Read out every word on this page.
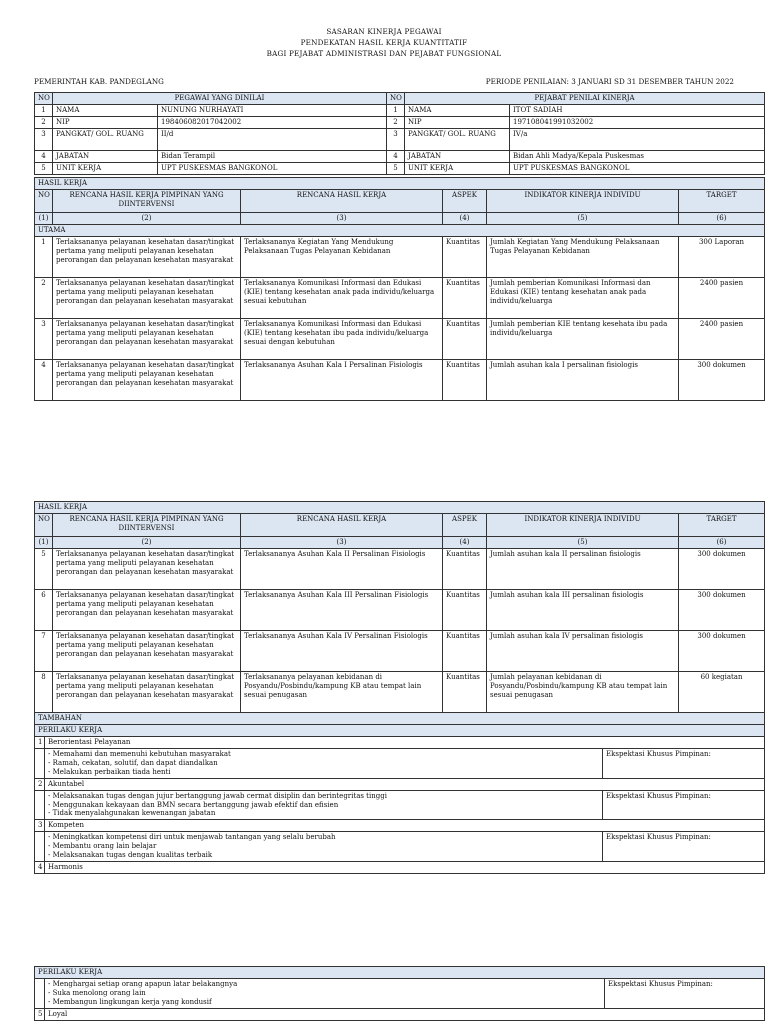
SASARAN KINERJA PEGAWAI
PENDEKATAN HASIL KERJA KUANTITATIF
BAGI PEJABAT ADMINISTRASI DAN PEJABAT FUNGSIONAL
PEMERINTAH KAB. PANDEGLANG	PERIODE PENILAIAN: 3 JANUARI SD 31 DESEMBER TAHUN 2022
NO	PEGAWAI YANG DINILAI		NO	PEJABAT PENILAI KINERJA	
1	NAMA	NUNUNG NURHAYATI	1	NAMA	ITOT SADIAH
2	NIP	198406082017042002	2	NIP	197108041991032002
3	PANGKAT/ GOL. RUANG	II/d	3	PANGKAT/ GOL. RUANG	IV/a
4	JABATAN	Bidan Terampil	4	JABATAN	Bidan Ahli Madya/Kepala Puskesmas
5	UNIT KERJA	UPT PUSKESMAS BANGKONOL	5	UNIT KERJA	UPT PUSKESMAS BANGKONOL
HASIL KERJA					
NO	RENCANA HASIL KERJA PIMPINAN YANG DIINTERVENSI	RENCANA HASIL KERJA	ASPEK	INDIKATOR KINERJA INDIVIDU	TARGET
(1)	(2)	(3)	(4)	(5)	(6)
UTAMA					
1	Terlaksananya pelayanan kesehatan dasar/tingkat pertama yang meliputi pelayanan kesehatan perorangan dan pelayanan kesehatan masyarakat	Terlaksananya Kegiatan Yang Mendukung Pelaksanaan Tugas Pelayanan Kebidanan	Kuantitas	Jumlah Kegiatan Yang Mendukung Pelaksanaan Tugas Pelayanan Kebidanan	300 Laporan
2	Terlaksananya pelayanan kesehatan dasar/tingkat pertama yang meliputi pelayanan kesehatan perorangan dan pelayanan kesehatan masyarakat	Terlaksananya Komunikasi Informasi dan Edukasi (KIE) tentang kesehatan anak pada individu/keluarga sesuai kebutuhan	Kuantitas	Jumlah pemberian Komunikasi Informasi dan Edukasi (KIE) tentang kesehatan anak pada individu/keluarga	2400 pasien
3	Terlaksananya pelayanan kesehatan dasar/tingkat pertama yang meliputi pelayanan kesehatan perorangan dan pelayanan kesehatan masyarakat	Terlaksananya Komunikasi Informasi dan Edukasi (KIE) tentang kesehatan ibu pada individu/keluarga sesuai dengan kebutuhan	Kuantitas	Jumlah pemberian KIE tentang kesehata ibu pada individu/keluarga	2400 pasien
4	Terlaksananya pelayanan kesehatan dasar/tingkat pertama yang meliputi pelayanan kesehatan perorangan dan pelayanan kesehatan masyarakat	Terlaksananya Asuhan Kala I Persalinan Fisiologis	Kuantitas	Jumlah asuhan kala I persalinan fisiologis	300 dokumen
HASIL KERJA							
NO		RENCANA HASIL KERJA PIMPINAN YANG DIINTERVENSI	RENCANA HASIL KERJA	ASPEK	INDIKATOR KINERJA INDIVIDU		TARGET
(1)		(2)	(3)	(4)	(5)		(6)
5		Terlaksananya pelayanan kesehatan dasar/tingkat pertama yang meliputi pelayanan kesehatan perorangan dan pelayanan kesehatan masyarakat	Terlaksananya Asuhan Kala II Persalinan Fisiologis	Kuantitas	Jumlah asuhan kala II persalinan fisiologis		300 dokumen
6		Terlaksananya pelayanan kesehatan dasar/tingkat pertama yang meliputi pelayanan kesehatan perorangan dan pelayanan kesehatan masyarakat	Terlaksananya Asuhan Kala III Persalinan Fisiologis	Kuantitas	Jumlah asuhan kala III persalinan fisiologis		300 dokumen
7		Terlaksananya pelayanan kesehatan dasar/tingkat pertama yang meliputi pelayanan kesehatan perorangan dan pelayanan kesehatan masyarakat	Terlaksananya Asuhan Kala IV Persalinan Fisiologis	Kuantitas	Jumlah asuhan kala IV persalinan fisiologis		300 dokumen
8		Terlaksananya pelayanan kesehatan dasar/tingkat pertama yang meliputi pelayanan kesehatan perorangan dan pelayanan kesehatan masyarakat	Terlaksananya pelayanan kebidanan di Posyandu/Posbindu/kampung KB atau tempat lain sesuai penugasan	Kuantitas	Jumlah pelayanan kebidanan di Posyandu/Posbindu/kampung KB atau tempat lain sesuai penugasan		60 kegiatan
TAMBAHAN							
PERILAKU KERJA							
1	Berorientasi Pelayanan						

	- Memahami dan memenuhi kebutuhan masyarakat
- Ramah, cekatan, solutif, dan dapat diandalkan
- Melakukan perbaikan tiada henti					Ekspektasi Khusus Pimpinan:	
2	Akuntabel						

	- Melaksanakan tugas dengan jujur bertanggung jawab cermat disiplin dan berintegritas tinggi
- Menggunakan kekayaan dan BMN secara bertanggung jawab efektif dan efisien
- Tidak menyalahgunakan kewenangan jabatan					Ekspektasi Khusus Pimpinan:	
3	Kompeten						

	- Meningkatkan kompetensi diri untuk menjawab tantangan yang selalu berubah
- Membantu orang lain belajar
- Melaksanakan tugas dengan kualitas terbaik					Ekspektasi Khusus Pimpinan:	
4	Harmonis						
PERILAKU KERJA		

	- Menghargai setiap orang apapun latar belakangnya
- Suka menolong orang lain
- Membangun lingkungan kerja yang kondusif	Ekspektasi Khusus Pimpinan:
5	Loyal	
